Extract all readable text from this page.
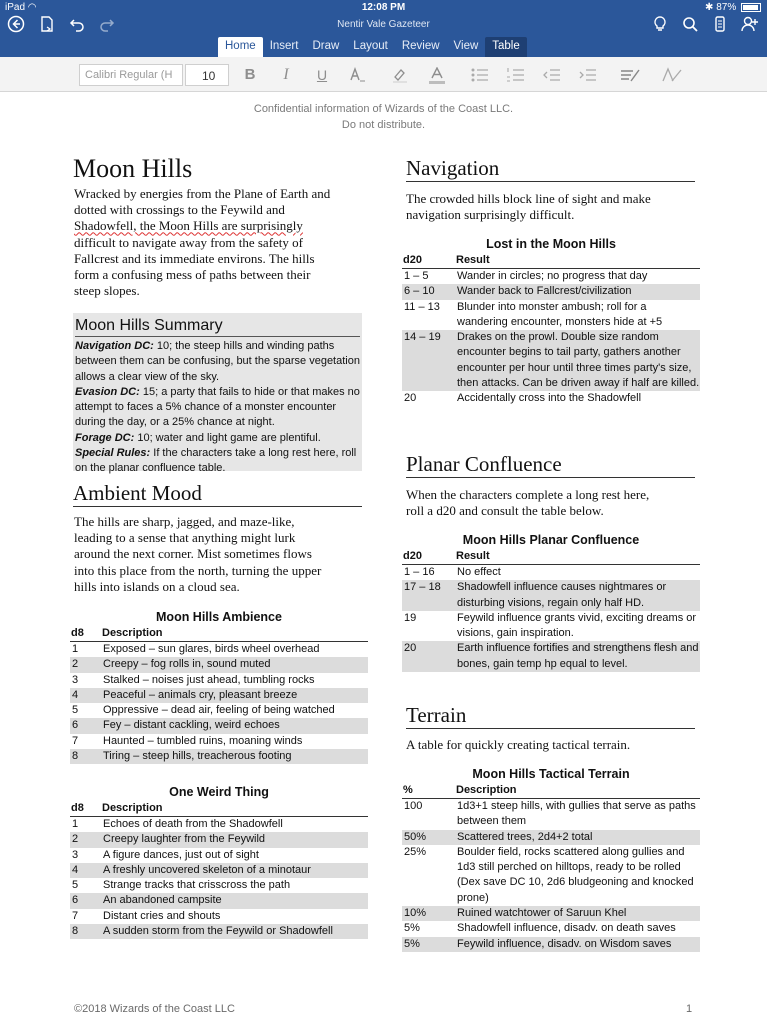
iPad ◠	12:08 PM	✱ 87%
Nentir Vale Gazeteer
Home	Insert	Draw	Layout	Review	View	Table
Calibri Regular (H	10	B	I	U
Confidential information of Wizards of the Coast LLC.
Do not distribute.
Moon Hills
Wracked by energies from the Plane of Earth and
dotted with crossings to the Feywild and
Shadowfell, the Moon Hills are surprisingly
difficult to navigate away from the safety of
Fallcrest and its immediate environs. The hills
form a confusing mess of paths between their
steep slopes.
Moon Hills Summary

Navigation DC: 10; the steep hills and winding paths between them can be confusing, but the sparse vegetation allows a clear view of the sky.
Evasion DC: 15; a party that fails to hide or that makes no attempt to faces a 5% chance of a monster encounter during the day, or a 25% chance at night.
Forage DC: 10; water and light game are plentiful.
Special Rules: If the characters take a long rest here, roll on the planar confluence table.

Ambient Mood
The hills are sharp, jagged, and maze-like,
leading to a sense that anything might lurk
around the next corner. Mist sometimes flows
into this place from the north, turning the upper
hills into islands on a cloud sea.
Moon Hills Ambience
d8	Description
1	Exposed – sun glares, birds wheel overhead
2	Creepy – fog rolls in, sound muted
3	Stalked – noises just ahead, tumbling rocks
4	Peaceful – animals cry, pleasant breeze
5	Oppressive – dead air, feeling of being watched
6	Fey – distant cackling, weird echoes
7	Haunted – tumbled ruins, moaning winds
8	Tiring – steep hills, treacherous footing
One Weird Thing
d8	Description
1	Echoes of death from the Shadowfell
2	Creepy laughter from the Feywild
3	A figure dances, just out of sight
4	A freshly uncovered skeleton of a minotaur
5	Strange tracks that crisscross the path
6	An abandoned campsite
7	Distant cries and shouts
8	A sudden storm from the Feywild or Shadowfell
Navigation
The crowded hills block line of sight and make
navigation surprisingly difficult.
Lost in the Moon Hills
d20	Result
1 – 5	Wander in circles; no progress that day
6 – 10	Wander back to Fallcrest/civilization
11 – 13	Blunder into monster ambush; roll for a wandering encounter, monsters hide at +5
14 – 19	Drakes on the prowl. Double size random encounter begins to tail party, gathers another encounter per hour until three times party's size, then attacks. Can be driven away if half are killed.
20	Accidentally cross into the Shadowfell
Planar Confluence
When the characters complete a long rest here,
roll a d20 and consult the table below.
Moon Hills Planar Confluence
d20	Result
1 – 16	No effect
17 – 18	Shadowfell influence causes nightmares or disturbing visions, regain only half HD.
19	Feywild influence grants vivid, exciting dreams or visions, gain inspiration.
20	Earth influence fortifies and strengthens flesh and bones, gain temp hp equal to level.
Terrain
A table for quickly creating tactical terrain.
Moon Hills Tactical Terrain
%	Description
100	1d3+1 steep hills, with gullies that serve as paths between them
50%	Scattered trees, 2d4+2 total
25%	Boulder field, rocks scattered along gullies and 1d3 still perched on hilltops, ready to be rolled (Dex save DC 10, 2d6 bludgeoning and knocked prone)
10%	Ruined watchtower of Saruun Khel
5%	Shadowfell influence, disadv. on death saves
5%	Feywild influence, disadv. on Wisdom saves
©2018 Wizards of the Coast LLC	1
